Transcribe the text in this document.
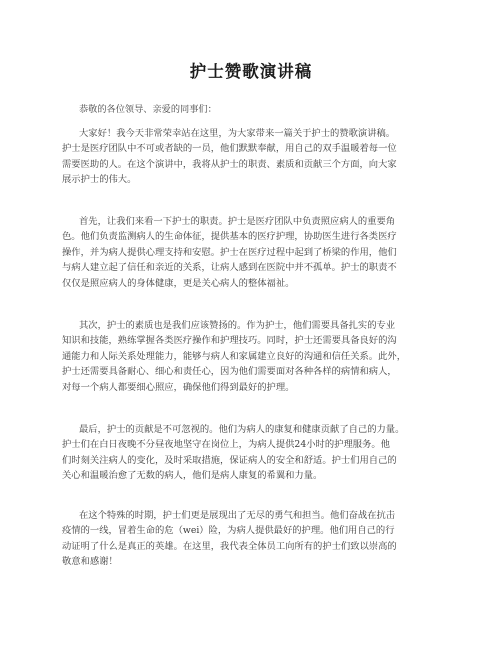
护士赞歌演讲稿
恭敬的各位领导、亲爱的同事们：
大家好！我今天非常荣幸站在这里，为大家带来一篇关于护士的赞歌演讲稿。
护士是医疗团队中不可或者缺的一员，他们默默奉献，用自己的双手温暖着每一位
需要医助的人。在这个演讲中，我将从护士的职责、素质和贡献三个方面，向大家
展示护士的伟大。
首先，让我们来看一下护士的职责。护士是医疗团队中负责照应病人的重要角
色。他们负责监测病人的生命体征，提供基本的医疗护理，协助医生进行各类医疗
操作，并为病人提供心理支持和安慰。护士在医疗过程中起到了桥梁的作用，他们
与病人建立起了信任和亲近的关系，让病人感到在医院中并不孤单。护士的职责不
仅仅是照应病人的身体健康，更是关心病人的整体福祉。
其次，护士的素质也是我们应该赞扬的。作为护士，他们需要具备扎实的专业
知识和技能，熟练掌握各类医疗操作和护理技巧。同时，护士还需要具备良好的沟
通能力和人际关系处理能力，能够与病人和家属建立良好的沟通和信任关系。此外，
护士还需要具备耐心、细心和责任心，因为他们需要面对各种各样的病情和病人，
对每一个病人都要细心照应，确保他们得到最好的护理。
最后，护士的贡献是不可忽视的。他们为病人的康复和健康贡献了自己的力量。
护士们在白日夜晚不分昼夜地坚守在岗位上，为病人提供24小时的护理服务。他
们时刻关注病人的变化，及时采取措施，保证病人的安全和舒适。护士们用自己的
关心和温暖治愈了无数的病人，他们是病人康复的希翼和力量。
在这个特殊的时期，护士们更是展现出了无尽的勇气和担当。他们奋战在抗击
疫情的一线，冒着生命的危（wei）险，为病人提供最好的护理。他们用自己的行
动证明了什么是真正的英雄。在这里，我代表全体员工向所有的护士们致以崇高的
敬意和感谢！
